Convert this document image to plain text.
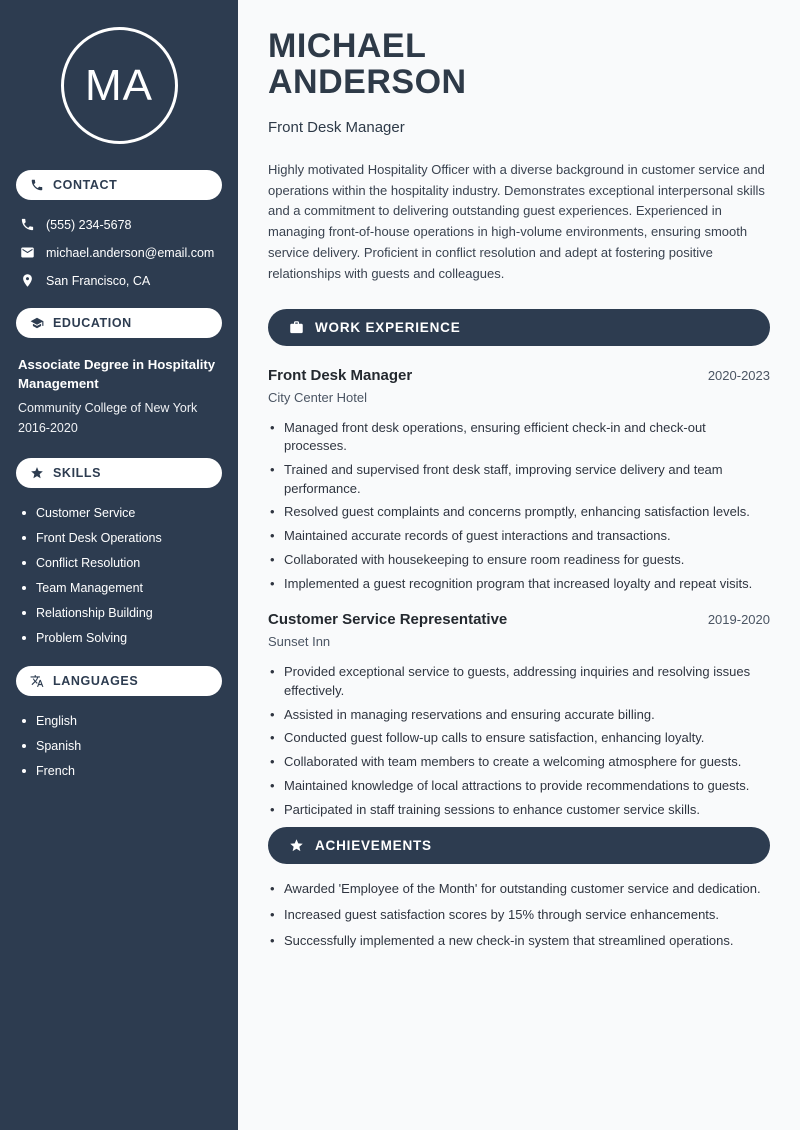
MA
CONTACT
(555) 234-5678
michael.anderson@email.com
San Francisco, CA
EDUCATION
Associate Degree in Hospitality Management
Community College of New York
2016-2020
SKILLS
Customer Service
Front Desk Operations
Conflict Resolution
Team Management
Relationship Building
Problem Solving
LANGUAGES
English
Spanish
French
MICHAEL
ANDERSON
Front Desk Manager

Highly motivated Hospitality Officer with a diverse background in customer service and operations within the hospitality industry. Demonstrates exceptional interpersonal skills and a commitment to delivering outstanding guest experiences. Experienced in managing front-of-house operations in high-volume environments, ensuring smooth service delivery. Proficient in conflict resolution and adept at fostering positive relationships with guests and colleagues.

WORK EXPERIENCE
Front Desk Manager	2020-2023
City Center Hotel
• Managed front desk operations, ensuring efficient check-in and check-out processes.
• Trained and supervised front desk staff, improving service delivery and team performance.
• Resolved guest complaints and concerns promptly, enhancing satisfaction levels.
• Maintained accurate records of guest interactions and transactions.
• Collaborated with housekeeping to ensure room readiness for guests.
• Implemented a guest recognition program that increased loyalty and repeat visits.
Customer Service Representative	2019-2020
Sunset Inn
• Provided exceptional service to guests, addressing inquiries and resolving issues effectively.
• Assisted in managing reservations and ensuring accurate billing.
• Conducted guest follow-up calls to ensure satisfaction, enhancing loyalty.
• Collaborated with team members to create a welcoming atmosphere for guests.
• Maintained knowledge of local attractions to provide recommendations to guests.
• Participated in staff training sessions to enhance customer service skills.
ACHIEVEMENTS
• Awarded 'Employee of the Month' for outstanding customer service and dedication.
• Increased guest satisfaction scores by 15% through service enhancements.
• Successfully implemented a new check-in system that streamlined operations.
